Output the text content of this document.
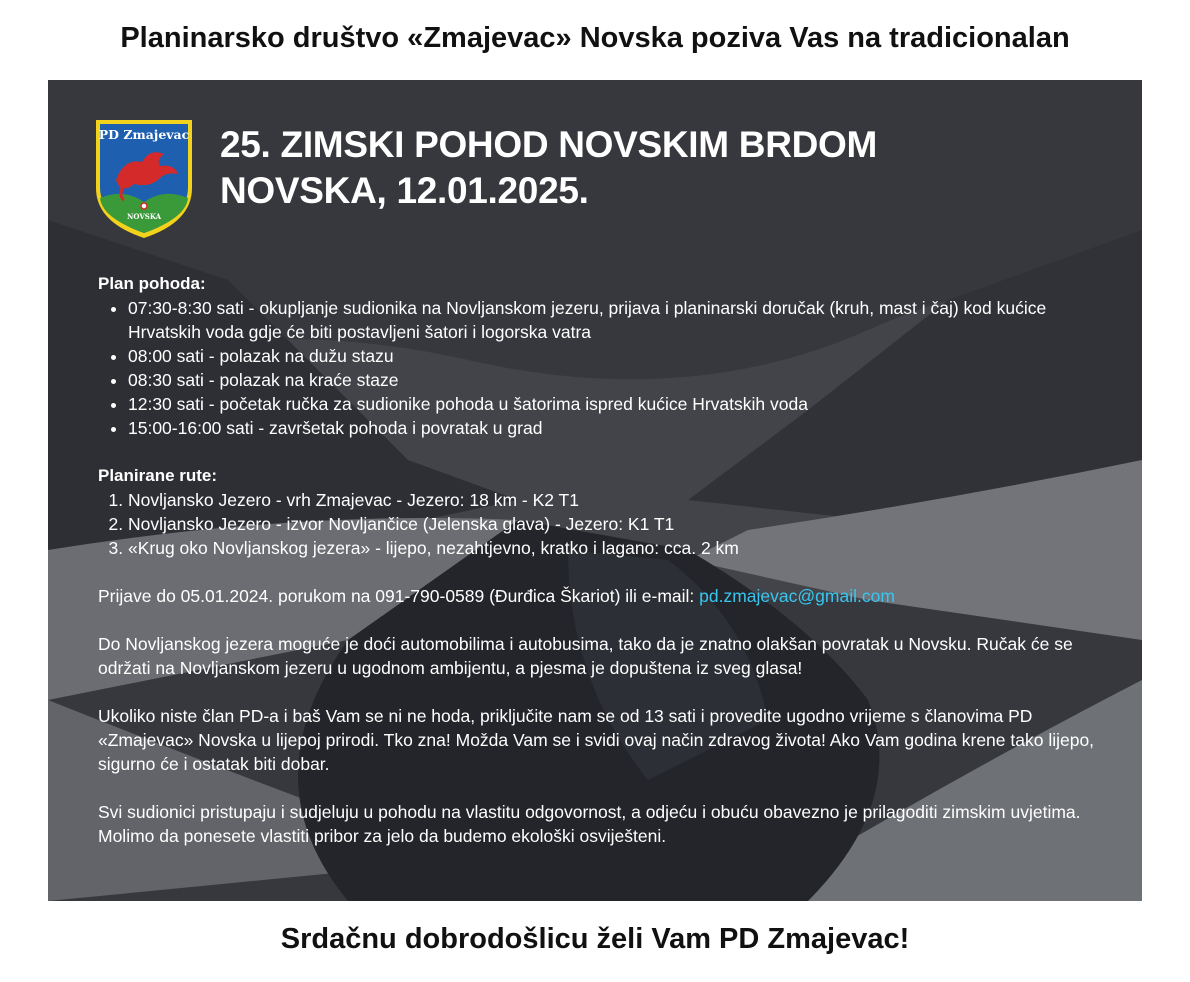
Planinarsko društvo «Zmajevac» Novska poziva Vas na tradicionalan
PD Zmajevac
NOVSKA
25. ZIMSKI POHOD NOVSKIM BRDOM
NOVSKA, 12.01.2025.
Plan pohoda:
• 07:30-8:30 sati - okupljanje sudionika na Novljanskom jezeru, prijava i planinarski doručak (kruh, mast i čaj) kod kućice Hrvatskih voda gdje će biti postavljeni šatori i logorska vatra
• 08:00 sati - polazak na dužu stazu
• 08:30 sati - polazak na kraće staze
• 12:30 sati - početak ručka za sudionike pohoda u šatorima ispred kućice Hrvatskih voda
• 15:00-16:00 sati - završetak pohoda i povratak u grad
Planirane rute:
1. Novljansko Jezero - vrh Zmajevac - Jezero: 18 km - K2 T1
2. Novljansko Jezero - izvor Novljančice (Jelenska glava) - Jezero: K1 T1
3. «Krug oko Novljanskog jezera» - lijepo, nezahtjevno, kratko i lagano: cca. 2 km

Prijave do 05.01.2024. porukom na 091-790-0589 (Đurđica Škariot) ili e-mail: pd.zmajevac@gmail.com

Do Novljanskog jezera moguće je doći automobilima i autobusima, tako da je znatno olakšan povratak u Novsku. Ručak će se održati na Novljanskom jezeru u ugodnom ambijentu, a pjesma je dopuštena iz sveg glasa!

Ukoliko niste član PD-a i baš Vam se ni ne hoda, priključite nam se od 13 sati i provedite ugodno vrijeme s članovima PD «Zmajevac» Novska u lijepoj prirodi. Tko zna! Možda Vam se i svidi ovaj način zdravog života! Ako Vam godina krene tako lijepo, sigurno će i ostatak biti dobar.

Svi sudionici pristupaju i sudjeluju u pohodu na vlastitu odgovornost, a odjeću i obuću obavezno je prilagoditi zimskim uvjetima. Molimo da ponesete vlastiti pribor za jelo da budemo ekološki osviješteni.

Srdačnu dobrodošlicu želi Vam PD Zmajevac!
